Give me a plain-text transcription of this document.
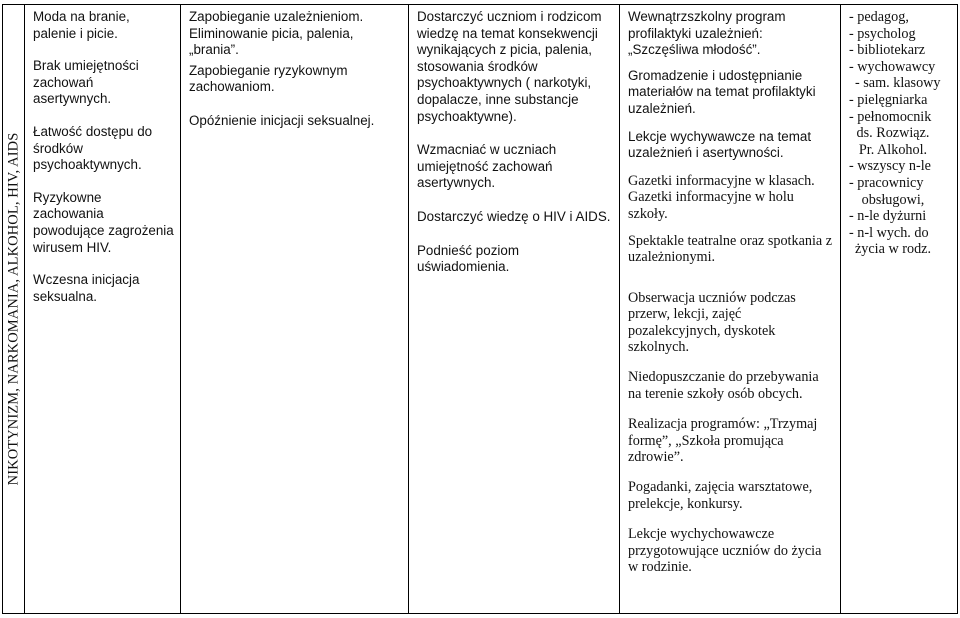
NIKOTYNIZM, NARKOMANIA, ALKOHOL, HIV, AIDS

Moda na branie, palenie i picie.
Brak umiejętności zachowań asertywnych.
Łatwość dostępu do środków psychoaktywnych.
Ryzykowne zachowania powodujące zagrożenia wirusem HIV.
Wczesna inicjacja seksualna.

Zapobieganie uzależnieniom. Eliminowanie picia, palenia, „brania”.
Zapobieganie ryzykownym zachowaniom.
Opóźnienie inicjacji seksualnej.

Dostarczyć uczniom i rodzicom wiedzę na temat konsekwencji wynikających z picia, palenia, stosowania środków psychoaktywnych ( narkotyki, dopalacze, inne substancje psychoaktywne).
Wzmacniać w uczniach umiejętność zachowań asertywnych.
Dostarczyć wiedzę o HIV i AIDS.
Podnieść poziom uświadomienia.

Wewnątrzszkolny program profilaktyki uzależnień: „Szczęśliwa młodość”.
Gromadzenie i udostępnianie materiałów na temat profilaktyki uzależnień.
Lekcje wychywawcze na temat uzależnień i asertywności.
Gazetki informacyjne w klasach. Gazetki informacyjne w holu szkoły.
Spektakle teatralne oraz spotkania z uzależnionymi.
Obserwacja uczniów podczas przerw, lekcji, zajęć pozalekcyjnych, dyskotek szkolnych.
Niedopuszczanie do przebywania na terenie szkoły osób obcych.
Realizacja programów: „Trzymaj formę”, „Szkoła promująca zdrowie”.
Pogadanki, zajęcia warsztatowe, prelekcje, konkursy.
Lekcje wychychowawcze przygotowujące uczniów do życia w rodzinie.

- pedagog,
- psycholog
- bibliotekarz
- wychowawcy
- sam. klasowy
- pielęgniarka
- pełnomocnik
ds. Rozwiąz.
Pr. Alkohol.
- wszyscy n-le
- pracownicy
obsługowi,
- n-le dyżurni
- n-l wych. do
życia w rodz.
